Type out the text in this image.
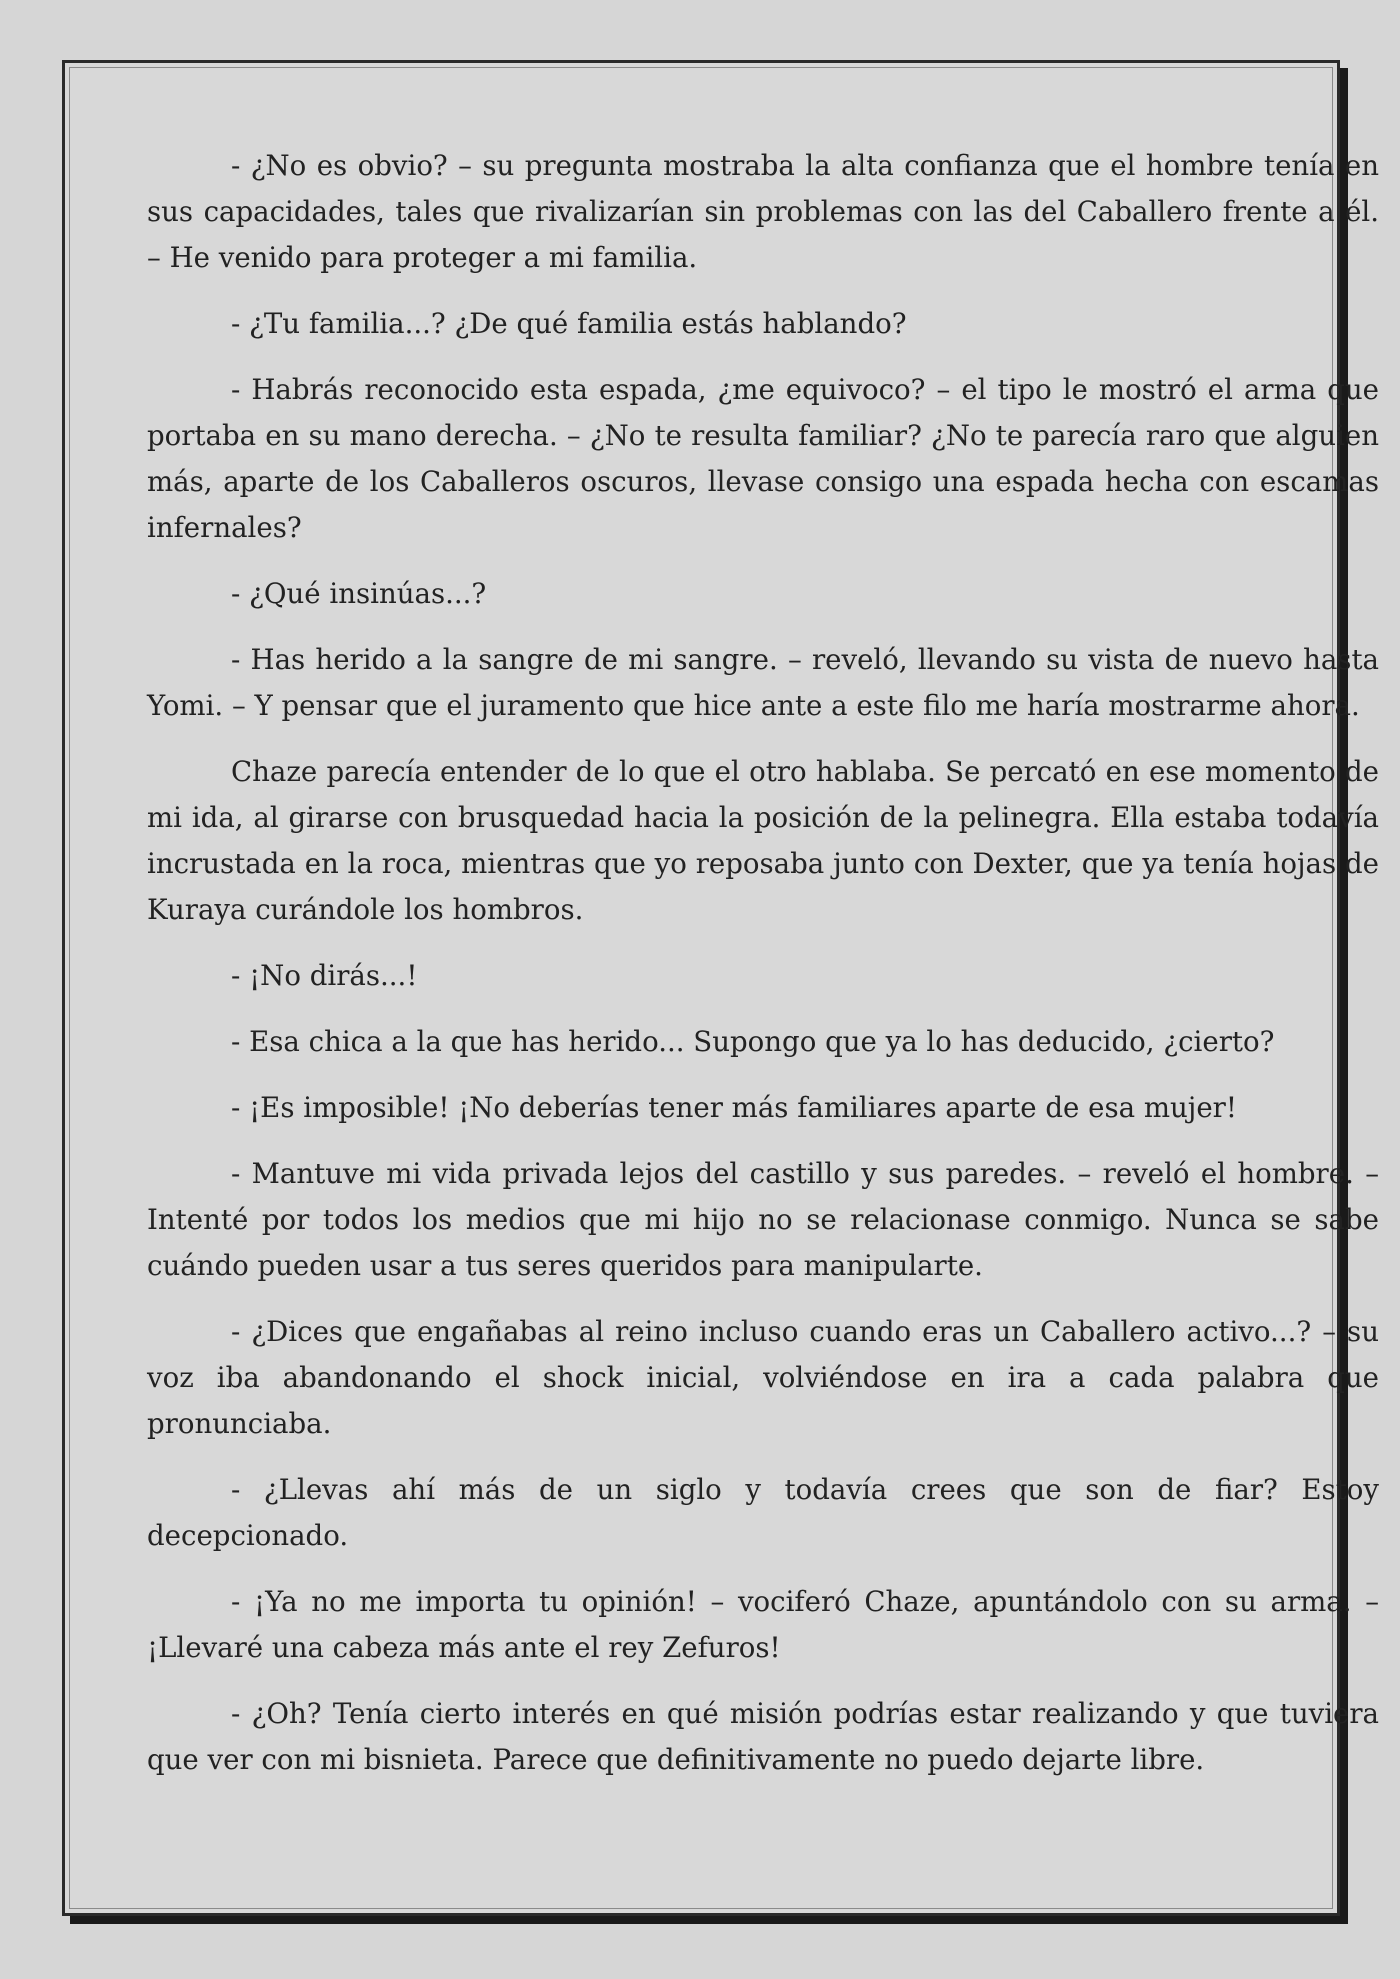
- ¿No es obvio? – su pregunta mostraba la alta confianza que el hombre tenía en sus capacidades, tales que rivalizarían sin problemas con las del Caballero frente a él. – He venido para proteger a mi familia.

- ¿Tu familia...? ¿De qué familia estás hablando?

- Habrás reconocido esta espada, ¿me equivoco? – el tipo le mostró el arma que portaba en su mano derecha. – ¿No te resulta familiar? ¿No te parecía raro que alguien más, aparte de los Caballeros oscuros, llevase consigo una espada hecha con escamas infernales?

- ¿Qué insinúas...?

- Has herido a la sangre de mi sangre. – reveló, llevando su vista de nuevo hasta Yomi. – Y pensar que el juramento que hice ante a este filo me haría mostrarme ahora.

Chaze parecía entender de lo que el otro hablaba. Se percató en ese momento de mi ida, al girarse con brusquedad hacia la posición de la pelinegra. Ella estaba todavía incrustada en la roca, mientras que yo reposaba junto con Dexter, que ya tenía hojas de Kuraya curándole los hombros.

- ¡No dirás...!

- Esa chica a la que has herido... Supongo que ya lo has deducido, ¿cierto?

- ¡Es imposible! ¡No deberías tener más familiares aparte de esa mujer!

- Mantuve mi vida privada lejos del castillo y sus paredes. – reveló el hombre. – Intenté por todos los medios que mi hijo no se relacionase conmigo. Nunca se sabe cuándo pueden usar a tus seres queridos para manipularte.

- ¿Dices que engañabas al reino incluso cuando eras un Caballero activo...? – su voz iba abandonando el shock inicial, volviéndose en ira a cada palabra que pronunciaba.

- ¿Llevas ahí más de un siglo y todavía crees que son de fiar? Estoy decepcionado.

- ¡Ya no me importa tu opinión! – vociferó Chaze, apuntándolo con su arma. – ¡Llevaré una cabeza más ante el rey Zefuros!

- ¿Oh? Tenía cierto interés en qué misión podrías estar realizando y que tuviera que ver con mi bisnieta. Parece que definitivamente no puedo dejarte libre.
